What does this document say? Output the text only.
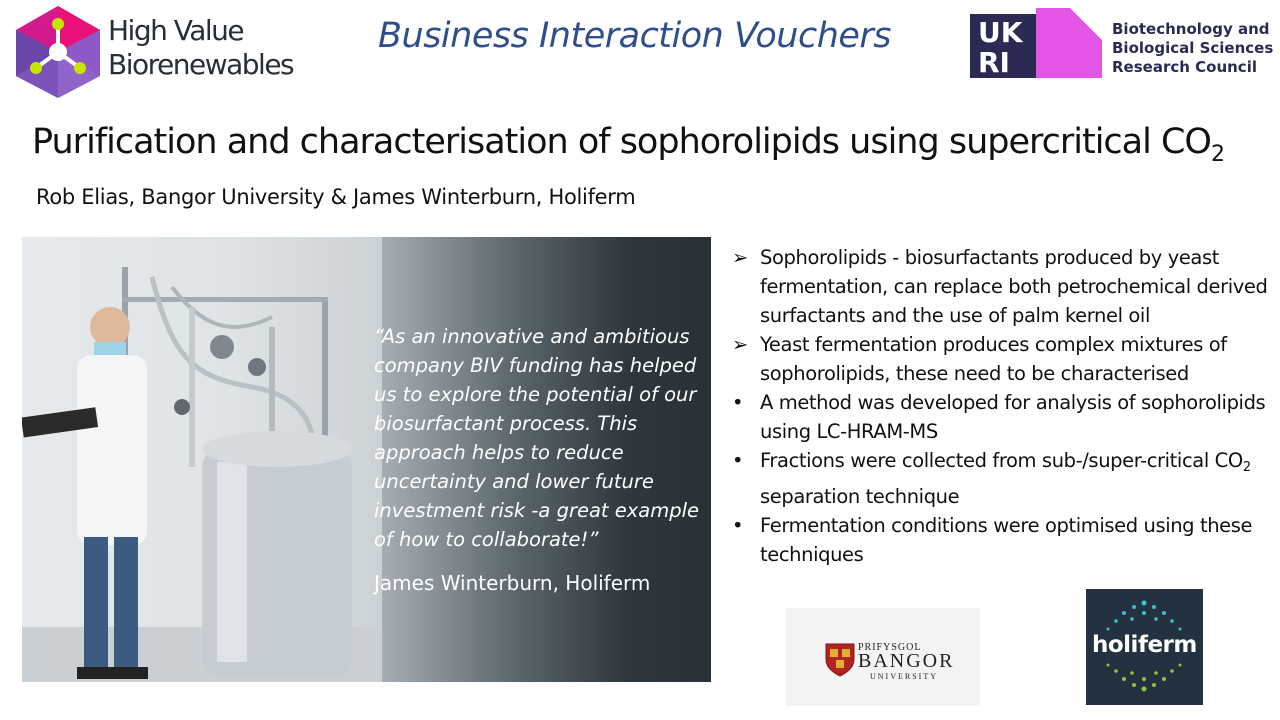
High Value
Biorenewables
Business Interaction Vouchers	UK
RI
Biotechnology and
Biological Sciences
Research Council
Purification and characterisation of sophorolipids using supercritical $CO_2$
Rob Elias, Bangor University & James Winterburn, Holiferm
“As an innovative and ambitious company BIV funding has helped us to explore the potential of our biosurfactant process. This approach helps to reduce uncertainty and lower future investment risk -a great example of how to collaborate!”
James Winterburn, Holiferm
➢ Sophorolipids - biosurfactants produced by yeast fermentation, can replace both petrochemical derived surfactants and the use of palm kernel oil
➢ Yeast fermentation produces complex mixtures of sophorolipids, these need to be characterised
• A method was developed for analysis of sophorolipids using LC-HRAM-MS
• Fractions were collected from sub-/super-critical $CO_2$ separation technique
• Fermentation conditions were optimised using these techniques
PRIFYSGOL
BANGOR
UNIVERSITY
holiferm
